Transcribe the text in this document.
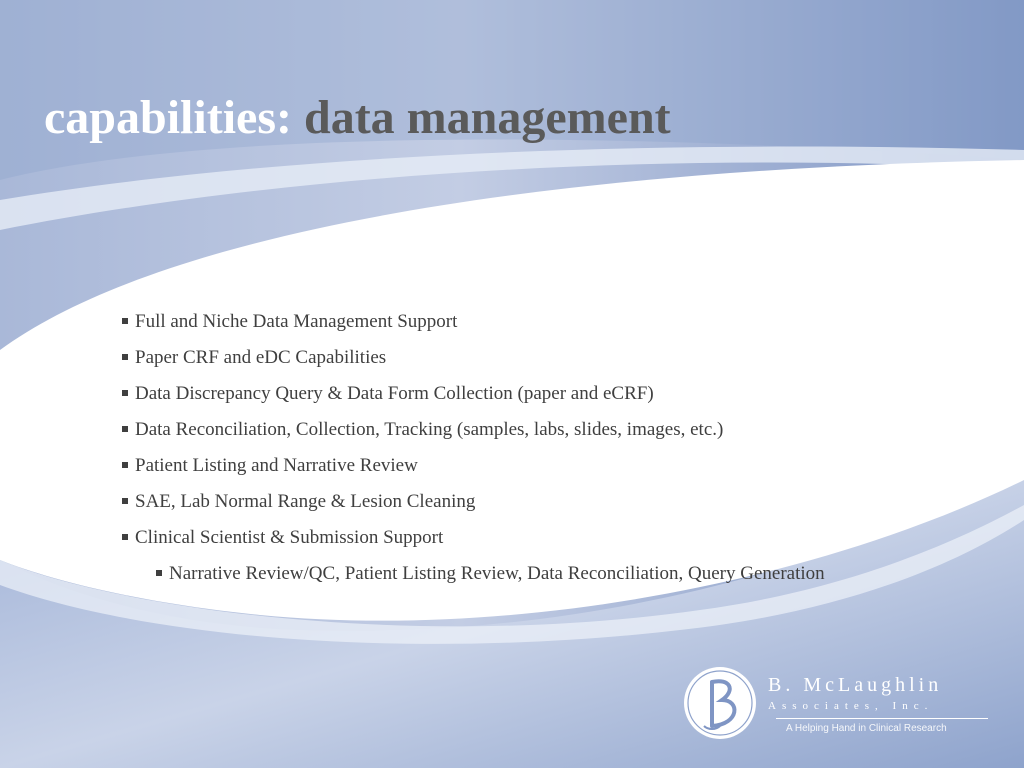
capabilities: data management
Full and Niche Data Management Support
Paper CRF and eDC Capabilities
Data Discrepancy Query & Data Form Collection (paper and eCRF)
Data Reconciliation, Collection, Tracking (samples, labs, slides, images, etc.)
Patient Listing and Narrative Review
SAE, Lab Normal Range & Lesion Cleaning
Clinical Scientist & Submission Support
Narrative Review/QC, Patient Listing Review, Data Reconciliation, Query Generation
B. McLaughlin
Associates, Inc.
A Helping Hand in Clinical Research
